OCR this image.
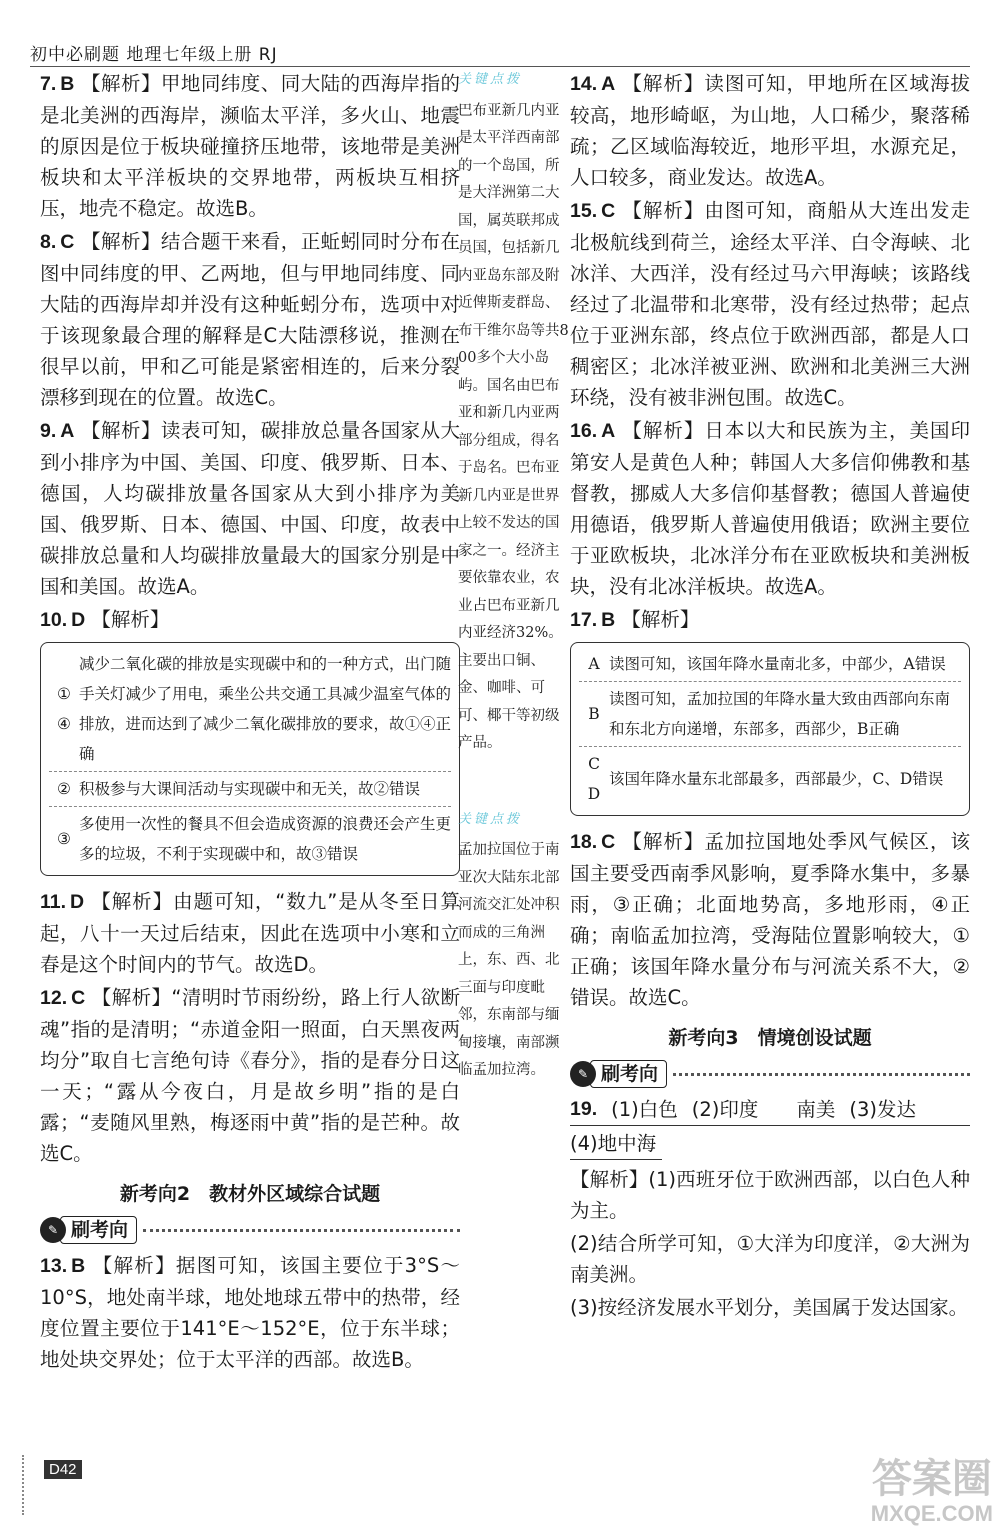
初中必刷题 地理七年级上册 RJ

7. B 【解析】甲地同纬度、同大陆的西海岸指的是北美洲的西海岸，濒临太平洋，多火山、地震的原因是位于板块碰撞挤压地带，该地带是美洲板块和太平洋板块的交界地带，两板块互相挤压，地壳不稳定。故选B。

8. C 【解析】结合题干来看，正蚯蚓同时分布在图中同纬度的甲、乙两地，但与甲地同纬度、同大陆的西海岸却并没有这种蚯蚓分布，选项中对于该现象最合理的解释是C大陆漂移说，推测在很早以前，甲和乙可能是紧密相连的，后来分裂漂移到现在的位置。故选C。

9. A 【解析】读表可知，碳排放总量各国家从大到小排序为中国、美国、印度、俄罗斯、日本、德国，人均碳排放量各国家从大到小排序为美国、俄罗斯、日本、德国、中国、印度，故表中碳排放总量和人均碳排放量最大的国家分别是中国和美国。故选A。

10. D 【解析】

①
④
减少二氧化碳的排放是实现碳中和的一种方式，出门随手关灯减少了用电，乘坐公共交通工具减少温室气体的排放，进而达到了减少二氧化碳排放的要求，故①④正确
② 积极参与大课间活动与实现碳中和无关，故②错误
③
多使用一次性的餐具不但会造成资源的浪费还会产生更多的垃圾，不利于实现碳中和，故③错误

11. D 【解析】由题可知，“数九”是从冬至日算起，八十一天过后结束，因此在选项中小寒和立春是这个时间内的节气。故选D。

12. C 【解析】“清明时节雨纷纷，路上行人欲断魂”指的是清明；“赤道金阳一照面，白天黑夜两均分”取自七言绝句诗《春分》，指的是春分日这一天；“露从今夜白，月是故乡明”指的是白露；“麦随风里熟，梅逐雨中黄”指的是芒种。故选C。

新考向2　教材外区域综合试题
✎ 刷考向

13. B 【解析】据图可知，该国主要位于3°S～10°S，地处南半球，地处地球五带中的热带，经度位置主要位于141°E～152°E，位于东半球；地处块交界处；位于太平洋的西部。故选B。

关键点拨
巴布亚新几内亚是太平洋西南部的一个岛国，所是大洋洲第二大国，属英联邦成员国，包括新几内亚岛东部及附近俾斯麦群岛、布干维尔岛等共800多个大小岛屿。国名由巴布亚和新几内亚两部分组成，得名于岛名。巴布亚新几内亚是世界上较不发达的国家之一。经济主要依靠农业，农业占巴布亚新几内亚经济32%。主要出口铜、金、咖啡、可可、椰干等初级产品。
关键点拨
孟加拉国位于南亚次大陆东北部河流交汇处冲积而成的三角洲上，东、西、北三面与印度毗邻，东南部与缅甸接壤，南部濒临孟加拉湾。

14. A 【解析】读图可知，甲地所在区域海拔较高，地形崎岖，为山地，人口稀少，聚落稀疏；乙区域临海较近，地形平坦，水源充足，人口较多，商业发达。故选A。

15. C 【解析】由图可知，商船从大连出发走北极航线到荷兰，途经太平洋、白令海峡、北冰洋、大西洋，没有经过马六甲海峡；该路线经过了北温带和北寒带，没有经过热带；起点位于亚洲东部，终点位于欧洲西部，都是人口稠密区；北冰洋被亚洲、欧洲和北美洲三大洲环绕，没有被非洲包围。故选C。

16. A 【解析】日本以大和民族为主，美国印第安人是黄色人种；韩国人大多信仰佛教和基督教，挪威人大多信仰基督教；德国人普遍使用德语，俄罗斯人普遍使用俄语；欧洲主要位于亚欧板块，北冰洋分布在亚欧板块和美洲板块，没有北冰洋板块。故选A。

17. B 【解析】

A 读图可知，该国年降水量南北多，中部少，A错误
B
读图可知，孟加拉国的年降水量大致由西部向东南和东北方向递增，东部多，西部少，B正确
C
D
该国年降水量东北部最多，西部最少，C、D错误

18. C 【解析】孟加拉国地处季风气候区，该国主要受西南季风影响，夏季降水集中，多暴雨，③正确；北面地势高，多地形雨，④正确；南临孟加拉湾，受海陆位置影响较大，①正确；该国年降水量分布与河流关系不大，②错误。故选C。

新考向3　情境创设试题
✎ 刷考向
19. (1)白色 (2)印度 南美 (3)发达
(4)地中海

【解析】(1)西班牙位于欧洲西部，以白色人种为主。

(2)结合所学可知，①大洋为印度洋，②大洲为南美洲。

(3)按经济发展水平划分，美国属于发达国家。

D42	答案圈
MXQE.COM
